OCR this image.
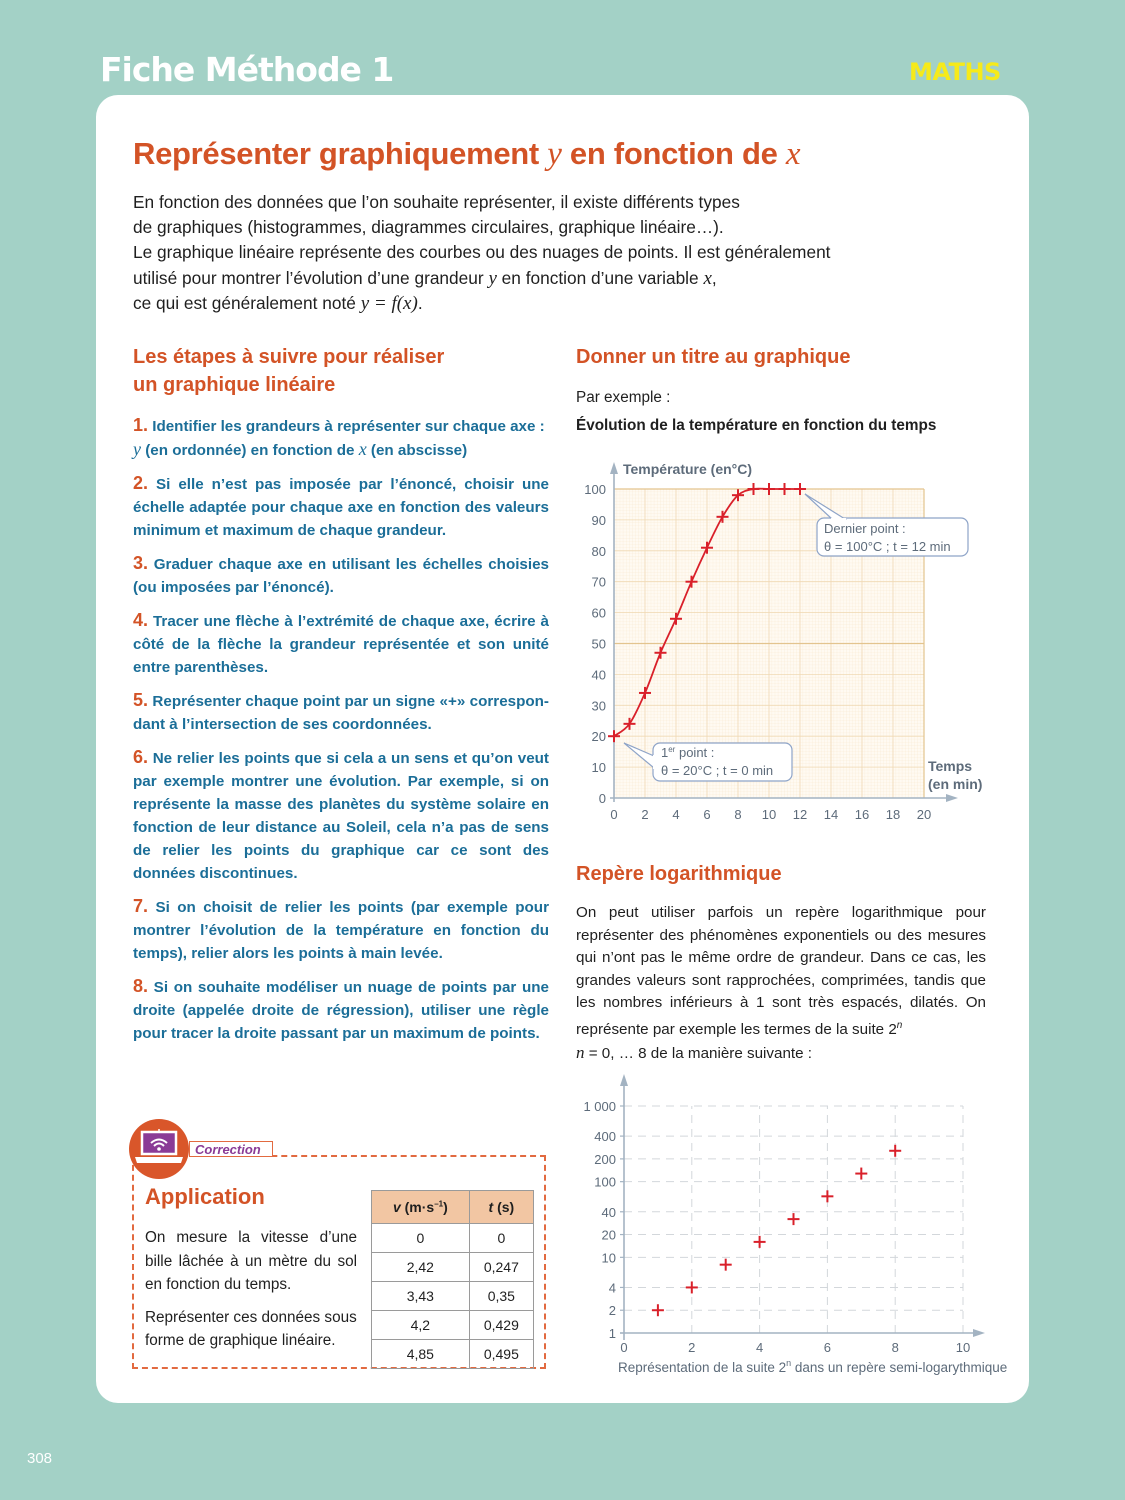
Fiche Méthode 1	MATHS
Représenter graphiquement y en fonction de x
En fonction des données que l’on souhaite représenter, il existe différents types
de graphiques (histogrammes, diagrammes circulaires, graphique linéaire…).
Le graphique linéaire représente des courbes ou des nuages de points. Il est généralement
utilisé pour montrer l’évolution d’une grandeur y en fonction d’une variable x,
ce qui est généralement noté y = f(x).
Les étapes à suivre pour réaliser
un graphique linéaire
1. Identifier les grandeurs à représenter sur chaque axe :
y (en ordonnée) en fonction de x (en abscisse)
2. Si elle n’est pas imposée par l’énoncé, choisir une échelle adaptée pour chaque axe en fonction des valeurs minimum et maximum de chaque grandeur.
3. Graduer chaque axe en utilisant les échelles choisies (ou imposées par l’énoncé).
4. Tracer une flèche à l’extrémité de chaque axe, écrire à côté de la flèche la grandeur représentée et son unité entre parenthèses.
5. Représenter chaque point par un signe «+» correspon-dant à l’intersection de ses coordonnées.
6. Ne relier les points que si cela a un sens et qu’on veut par exemple montrer une évolution. Par exemple, si on représente la masse des planètes du système solaire en fonction de leur distance au Soleil, cela n’a pas de sens de relier les points du graphique car ce sont des données discontinues.
7. Si on choisit de relier les points (par exemple pour montrer l’évolution de la température en fonction du temps), relier alors les points à main levée.
8. Si on souhaite modéliser un nuage de points par une droite (appelée droite de régression), utiliser une règle pour tracer la droite passant par un maximum de points.
Donner un titre au graphique
Par exemple :
Évolution de la température en fonction du temps
0 2 4 6 8 10 12 14 16 18 20
0
10
20
30
40
50
60
70
80
90
100
Température (en°C)
Temps
(en min)
Dernier point :
θ = 100°C ; t = 12 min
1er point :
θ = 20°C ; t = 0 min
1
2
4
10
20
40
100
200
400
1 000
0	2	4	6	8	10
Représentation de la suite 2$^n$ dans un repère semi-logarythmique
Repère logarithmique
On peut utiliser parfois un repère logarithmique pour représenter des phénomènes exponentiels ou des mesures qui n’ont pas le même ordre de grandeur. Dans ce cas, les grandes valeurs sont rapprochées, comprimées, tandis que les nombres inférieurs à 1 sont très espacés, dilatés. On représente par exemple les termes de la suite 2$^n$
n = 0, … 8 de la manière suivante :
Correction
Application

On mesure la vitesse d’une bille lâchée à un mètre du sol en fonction du temps.

Représenter ces données sous forme de graphique linéaire.

v $(m\cdot s^{-1})$	t (s)
0	0
2,42	0,247
3,43	0,35
4,2	0,429
4,85	0,495
308
